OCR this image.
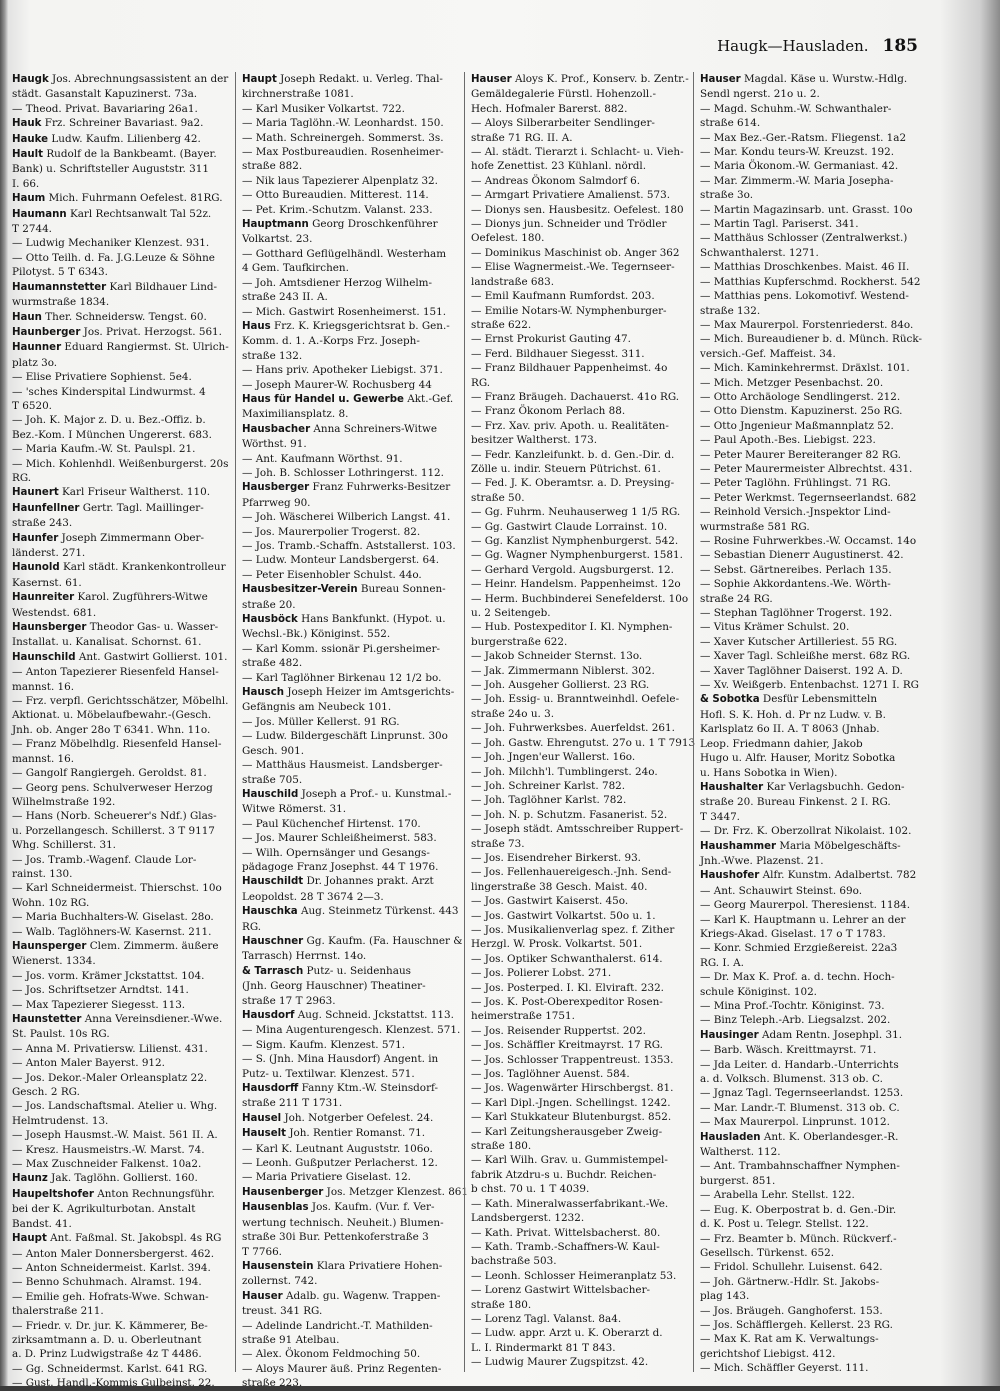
Haugk—Hausladen. 185
Haugk Jos. Abrechnungsassistent an der
städt. Gasanstalt Kapuzinerst. 73a.
— Theod. Privat. Bavariaring 26a1.
Hauk Frz. Schreiner Bavariast. 9a2.
Hauke Ludw. Kaufm. Lilienberg 42.
Hault Rudolf de la Bankbeamt. (Bayer.
Bank) u. Schriftsteller Auguststr. 311
I. 66.
Haum Mich. Fuhrmann Oefelest. 81RG.
Haumann Karl Rechtsanwalt Tal 52z.
T 2744.
— Ludwig Mechaniker Klenzest. 931.
— Otto Teilh. d. Fa. J.G.Leuze & Söhne
Pilotyst. 5 T 6343.
Haumannstetter Karl Bildhauer Lind-
wurmstraße 1834.
Haun Ther. Schneidersw. Tengst. 60.
Haunberger Jos. Privat. Herzogst. 561.
Haunner Eduard Rangiermst. St. Ulrich-
platz 3o.
— Elise Privatiere Sophienst. 5e4.
— 'sches Kinderspital Lindwurmst. 4
T 6520.
— Joh. K. Major z. D. u. Bez.-Offiz. b.
Bez.-Kom. I München Ungererst. 683.
— Maria Kaufm.-W. St. Paulspl. 21.
— Mich. Kohlenhdl. Weißenburgerst. 20s
RG.
Haunert Karl Friseur Waltherst. 110.
Haunfellner Gertr. Tagl. Maillinger-
straße 243.
Haunfer Joseph Zimmermann Ober-
länderst. 271.
Haunold Karl städt. Krankenkontrolleur
Kasernst. 61.
Haunreiter Karol. Zugführers-Witwe
Westendst. 681.
Haunsberger Theodor Gas- u. Wasser-
Installat. u. Kanalisat. Schornst. 61.
Haunschild Ant. Gastwirt Gollierst. 101.
— Anton Tapezierer Riesenfeld Hansel-
mannst. 16.
— Frz. verpfl. Gerichtsschätzer, Möbelhl.
Aktionat. u. Möbelaufbewahr.-(Gesch.
Jnh. ob. Anger 28o T 6341. Whn. 11o.
— Franz Möbelhdlg. Riesenfeld Hansel-
mannst. 16.
— Gangolf Rangiergeh. Geroldst. 81.
— Georg pens. Schulverweser Herzog
Wilhelmstraße 192.
— Hans (Norb. Scheuerer's Ndf.) Glas-
u. Porzellangesch. Schillerst. 3 T 9117
Whg. Schillerst. 31.
— Jos. Tramb.-Wagenf. Claude Lor-
rainst. 130.
— Karl Schneidermeist. Thierschst. 10o
Wohn. 10z RG.
— Maria Buchhalters-W. Giselast. 28o.
— Walb. Taglöhners-W. Kasernst. 211.
Haunsperger Clem. Zimmerm. äußere
Wienerst. 1334.
— Jos. vorm. Krämer Jckstattst. 104.
— Jos. Schriftsetzer Arndtst. 141.
— Max Tapezierer Siegesst. 113.
Haunstetter Anna Vereinsdiener.-Wwe.
St. Paulst. 10s RG.
— Anna M. Privatiersw. Lilienst. 431.
— Anton Maler Bayerst. 912.
— Jos. Dekor.-Maler Orleansplatz 22.
Gesch. 2 RG.
— Jos. Landschaftsmal. Atelier u. Whg.
Helmtrudenst. 13.
— Joseph Hausmst.-W. Maist. 561 II. A.
— Kresz. Hausmeistrs.-W. Marst. 74.
— Max Zuschneider Falkenst. 10a2.
Haunz Jak. Taglöhn. Gollierst. 160.
Haupeltshofer Anton Rechnungsführ.
bei der K. Agrikulturbotan. Anstalt
Bandst. 41.
Haupt Ant. Faßmal. St. Jakobspl. 4s RG
— Anton Maler Donnersbergerst. 462.
— Anton Schneidermeist. Karlst. 394.
— Benno Schuhmach. Alramst. 194.
— Emilie geh. Hofrats-Wwe. Schwan-
thalerstraße 211.
— Friedr. v. Dr. jur. K. Kämmerer, Be-
zirksamtmann a. D. u. Oberleutnant
a. D. Prinz Ludwigstraße 4z T 4486.
— Gg. Schneidermst. Karlst. 641 RG.
— Gust. Handl.-Kommis Gulbeinst. 22.
Haupt Joseph Redakt. u. Verleg. Thal-
kirchnerstraße 1081.
— Karl Musiker Volkartst. 722.
— Maria Taglöhn.-W. Leonhardst. 150.
— Math. Schreinergeh. Sommerst. 3s.
— Max Postbureaudien. Rosenheimer-
straße 882.
— Nik laus Tapezierer Alpenplatz 32.
— Otto Bureaudien. Mitterest. 114.
— Pet. Krim.-Schutzm. Valanst. 233.
Hauptmann Georg Droschkenführer
Volkartst. 23.
— Gotthard Geflügelhändl. Westerham
4 Gem. Taufkirchen.
— Joh. Amtsdiener Herzog Wilhelm-
straße 243 II. A.
— Mich. Gastwirt Rosenheimerst. 151.
Haus Frz. K. Kriegsgerichtsrat b. Gen.-
Komm. d. 1. A.-Korps Frz. Joseph-
straße 132.
— Hans priv. Apotheker Liebigst. 371.
— Joseph Maurer-W. Rochusberg 44
Haus für Handel u. Gewerbe Akt.-Gef.
Maximiliansplatz. 8.
Hausbacher Anna Schreiners-Witwe
Wörthst. 91.
— Ant. Kaufmann Wörthst. 91.
— Joh. B. Schlosser Lothringerst. 112.
Hausberger Franz Fuhrwerks-Besitzer
Pfarrweg 90.
— Joh. Wäscherei Wilberich Langst. 41.
— Jos. Maurerpolier Trogerst. 82.
— Jos. Tramb.-Schaffn. Aststallerst. 103.
— Ludw. Monteur Landsbergerst. 64.
— Peter Eisenhobler Schulst. 44o.
Hausbesitzer-Verein Bureau Sonnen-
straße 20.
Hausböck Hans Bankfunkt. (Hypot. u.
Wechsl.-Bk.) Königinst. 552.
— Karl Komm. ssionär Pi.gersheimer-
straße 482.
— Karl Taglöhner Birkenau 12 1/2 bo.
Hausch Joseph Heizer im Amtsgerichts-
Gefängnis am Neubeck 101.
— Jos. Müller Kellerst. 91 RG.
— Ludw. Bildergeschäft Linprunst. 30o
Gesch. 901.
— Matthäus Hausmeist. Landsberger-
straße 705.
Hauschild Joseph a Prof.- u. Kunstmal.-
Witwe Römerst. 31.
— Paul Küchenchef Hirtenst. 170.
— Jos. Maurer Schleißheimerst. 583.
— Wilh. Opernsänger und Gesangs-
pädagoge Franz Josephst. 44 T 1976.
Hauschildt Dr. Johannes prakt. Arzt
Leopoldst. 28 T 3674 2—3.
Hauschka Aug. Steinmetz Türkenst. 443
RG.
Hauschner Gg. Kaufm. (Fa. Hauschner &
Tarrasch) Herrnst. 14o.
& Tarrasch Putz- u. Seidenhaus
(Jnh. Georg Hauschner) Theatiner-
straße 17 T 2963.
Hausdorf Aug. Schneid. Jckstattst. 113.
— Mina Augenturengesch. Klenzest. 571.
— Sigm. Kaufm. Klenzest. 571.
— S. (Jnh. Mina Hausdorf) Angent. in
Putz- u. Textilwar. Klenzest. 571.
Hausdorff Fanny Ktm.-W. Steinsdorf-
straße 211 T 1731.
Hausel Joh. Notgerber Oefelest. 24.
Hauselt Joh. Rentier Romanst. 71.
— Karl K. Leutnant Auguststr. 106o.
— Leonh. Gußputzer Perlacherst. 12.
— Maria Privatiere Giselast. 12.
Hausenberger Jos. Metzger Klenzest. 861
Hausenblas Jos. Kaufm. (Vur. f. Ver-
wertung technisch. Neuheit.) Blumen-
straße 30i Bur. Pettenkoferstraße 3
T 7766.
Hausenstein Klara Privatiere Hohen-
zollernst. 742.
Hauser Adalb. gu. Wagenw. Trappen-
treust. 341 RG.
— Adelinde Landricht.-T. Mathilden-
straße 91 Atelbau.
— Alex. Ökonom Feldmoching 50.
— Aloys Maurer äuß. Prinz Regenten-
straße 223.
Hauser Aloys K. Prof., Konserv. b. Zentr.-
Gemäldegalerie Fürstl. Hohenzoll.-
Hech. Hofmaler Barerst. 882.
— Aloys Silberarbeiter Sendlinger-
straße 71 RG. II. A.
— Al. städt. Tierarzt i. Schlacht- u. Vieh-
hofe Zenettist. 23 Kühlanl. nördl.
— Andreas Ökonom Salmdorf 6.
— Armgart Privatiere Amalienst. 573.
— Dionys sen. Hausbesitz. Oefelest. 180
— Dionys jun. Schneider und Trödler
Oefelest. 180.
— Dominikus Maschinist ob. Anger 362
— Elise Wagnermeist.-We. Tegernseer-
landstraße 683.
— Emil Kaufmann Rumfordst. 203.
— Emilie Notars-W. Nymphenburger-
straße 622.
— Ernst Prokurist Gauting 47.
— Ferd. Bildhauer Siegesst. 311.
— Franz Bildhauer Pappenheimst. 4o
RG.
— Franz Bräugeh. Dachauerst. 41o RG.
— Franz Ökonom Perlach 88.
— Frz. Xav. priv. Apoth. u. Realitäten-
besitzer Waltherst. 173.
— Fedr. Kanzleifunkt. b. d. Gen.-Dir. d.
Zölle u. indir. Steuern Pütrichst. 61.
— Fed. J. K. Oberamtsr. a. D. Preysing-
straße 50.
— Gg. Fuhrm. Neuhauserweg 1 1/5 RG.
— Gg. Gastwirt Claude Lorrainst. 10.
— Gg. Kanzlist Nymphenburgerst. 542.
— Gg. Wagner Nymphenburgerst. 1581.
— Gerhard Vergold. Augsburgerst. 12.
— Heinr. Handelsm. Pappenheimst. 12o
— Herm. Buchbinderei Senefelderst. 10o
u. 2 Seitengeb.
— Hub. Postexpeditor I. Kl. Nymphen-
burgerstraße 622.
— Jakob Schneider Sternst. 13o.
— Jak. Zimmermann Niblerst. 302.
— Joh. Ausgeher Gollierst. 23 RG.
— Joh. Essig- u. Branntweinhdl. Oefele-
straße 24o u. 3.
— Joh. Fuhrwerksbes. Auerfeldst. 261.
— Joh. Gastw. Ehrengutst. 27o u. 1 T 7913
— Joh. Jngen'eur Wallerst. 16o.
— Joh. Milchh'l. Tumblingerst. 24o.
— Joh. Schreiner Karlst. 782.
— Joh. Taglöhner Karlst. 782.
— Joh. N. p. Schutzm. Fasanerist. 52.
— Joseph städt. Amtsschreiber Ruppert-
straße 73.
— Jos. Eisendreher Birkerst. 93.
— Jos. Fellenhauereigesch.-Jnh. Send-
lingerstraße 38 Gesch. Maist. 40.
— Jos. Gastwirt Kaiserst. 45o.
— Jos. Gastwirt Volkartst. 50o u. 1.
— Jos. Musikalienverlag spez. f. Zither
Herzgl. W. Prosk. Volkartst. 501.
— Jos. Optiker Schwanthalerst. 614.
— Jos. Polierer Lobst. 271.
— Jos. Posterped. I. Kl. Elviraft. 232.
— Jos. K. Post-Oberexpeditor Rosen-
heimerstraße 1751.
— Jos. Reisender Ruppertst. 202.
— Jos. Schäffler Kreitmayrst. 17 RG.
— Jos. Schlosser Trappentreust. 1353.
— Jos. Taglöhner Auenst. 584.
— Jos. Wagenwärter Hirschbergst. 81.
— Karl Dipl.-Jngen. Schellingst. 1242.
— Karl Stukkateur Blutenburgst. 852.
— Karl Zeitungsherausgeber Zweig-
straße 180.
— Karl Wilh. Grav. u. Gummistempel-
fabrik Atzdru-s u. Buchdr. Reichen-
b chst. 70 u. 1 T 4039.
— Kath. Mineralwasserfabrikant.-We.
Landsbergerst. 1232.
— Kath. Privat. Wittelsbacherst. 80.
— Kath. Tramb.-Schaffners-W. Kaul-
bachstraße 503.
— Leonh. Schlosser Heimeranplatz 53.
— Lorenz Gastwirt Wittelsbacher-
straße 180.
— Lorenz Tagl. Valanst. 8a4.
— Ludw. appr. Arzt u. K. Oberarzt d.
L. I. Rindermarkt 81 T 843.
— Ludwig Maurer Zugspitzst. 42.
Hauser Magdal. Käse u. Wurstw.-Hdlg.
Sendl ngerst. 21o u. 2.
— Magd. Schuhm.-W. Schwanthaler-
straße 614.
— Max Bez.-Ger.-Ratsm. Fliegenst. 1a2
— Mar. Kondu teurs-W. Kreuzst. 192.
— Maria Ökonom.-W. Germaniast. 42.
— Mar. Zimmerm.-W. Maria Josepha-
straße 3o.
— Martin Magazinsarb. unt. Grasst. 10o
— Martin Tagl. Pariserst. 341.
— Matthäus Schlosser (Zentralwerkst.)
Schwanthalerst. 1271.
— Matthias Droschkenbes. Maist. 46 II.
— Matthias Kupferschmd. Rockherst. 542
— Matthias pens. Lokomotivf. Westend-
straße 132.
— Max Maurerpol. Forstenriederst. 84o.
— Mich. Bureaudiener b. d. Münch. Rück-
versich.-Gef. Maffeist. 34.
— Mich. Kaminkehrermst. Dräxlst. 101.
— Mich. Metzger Pesenbachst. 20.
— Otto Archäologe Sendlingerst. 212.
— Otto Dienstm. Kapuzinerst. 25o RG.
— Otto Jngenieur Maßmannplatz 52.
— Paul Apoth.-Bes. Liebigst. 223.
— Peter Maurer Bereiteranger 82 RG.
— Peter Maurermeister Albrechtst. 431.
— Peter Taglöhn. Frühlingst. 71 RG.
— Peter Werkmst. Tegernseerlandst. 682
— Reinhold Versich.-Jnspektor Lind-
wurmstraße 581 RG.
— Rosine Fuhrwerkbes.-W. Occamst. 14o
— Sebastian Dienerr Augustinerst. 42.
— Sebst. Gärtnereibes. Perlach 135.
— Sophie Akkordantens.-We. Wörth-
straße 24 RG.
— Stephan Taglöhner Trogerst. 192.
— Vitus Krämer Schulst. 20.
— Xaver Kutscher Artilleriest. 55 RG.
— Xaver Tagl. Schleißhe merst. 68z RG.
— Xaver Taglöhner Daiserst. 192 A. D.
— Xv. Weißgerb. Entenbachst. 1271 I. RG
& Sobotka Desfür Lebensmitteln
Hofl. S. K. Hoh. d. Pr nz Ludw. v. B.
Karlsplatz 6o II. A. T 8063 (Jnhab.
Leop. Friedmann dahier, Jakob
Hugo u. Alfr. Hauser, Moritz Sobotka
u. Hans Sobotka in Wien).
Haushalter Kar Verlagsbuchh. Gedon-
straße 20. Bureau Finkenst. 2 I. RG.
T 3447.
— Dr. Frz. K. Oberzollrat Nikolaist. 102.
Haushammer Maria Möbelgeschäfts-
Jnh.-Wwe. Plazenst. 21.
Haushofer Alfr. Kunstm. Adalbertst. 782
— Ant. Schauwirt Steinst. 69o.
— Georg Maurerpol. Theresienst. 1184.
— Karl K. Hauptmann u. Lehrer an der
Kriegs-Akad. Giselast. 17 o T 1783.
— Konr. Schmied Erzgießereist. 22a3
RG. I. A.
— Dr. Max K. Prof. a. d. techn. Hoch-
schule Königinst. 102.
— Mina Prof.-Tochtr. Königinst. 73.
— Binz Teleph.-Arb. Liegsalzst. 202.
Hausinger Adam Rentn. Josephpl. 31.
— Barb. Wäsch. Kreittmayrst. 71.
— Jda Leiter. d. Handarb.-Unterrichts
a. d. Volksch. Blumenst. 313 ob. C.
— Jgnaz Tagl. Tegernseerlandst. 1253.
— Mar. Landr.-T. Blumenst. 313 ob. C.
— Max Maurerpol. Linprunst. 1012.
Hausladen Ant. K. Oberlandesger.-R.
Waltherst. 112.
— Ant. Trambahnschaffner Nymphen-
burgerst. 851.
— Arabella Lehr. Stellst. 122.
— Eug. K. Oberpostrat b. d. Gen.-Dir.
d. K. Post u. Telegr. Stellst. 122.
— Frz. Beamter b. Münch. Rückverf.-
Gesellsch. Türkenst. 652.
— Fridol. Schullehr. Luisenst. 642.
— Joh. Gärtnerw.-Hdlr. St. Jakobs-
plag 143.
— Jos. Bräugeh. Ganghoferst. 153.
— Jos. Schäfflergeh. Kellerst. 23 RG.
— Max K. Rat am K. Verwaltungs-
gerichtshof Liebigst. 412.
— Mich. Schäffler Geyerst. 111.
